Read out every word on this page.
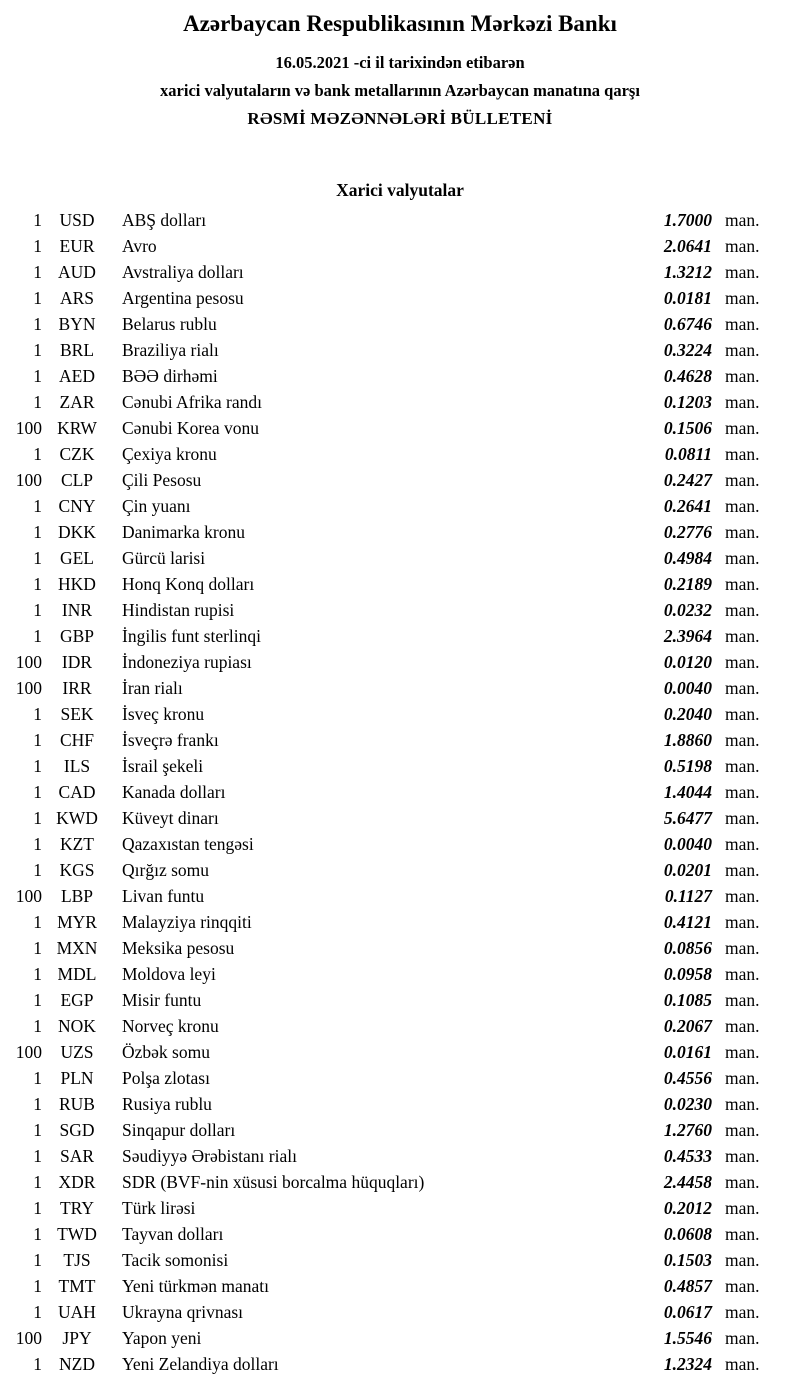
Azərbaycan Respublikasının Mərkəzi Bankı
16.05.2021 -ci il tarixindən etibarən
xarici valyutaların və bank metallarının Azərbaycan manatına qarşı
RƏSMİ MƏZƏNNƏLƏRİ BÜLLETENİ
Xarici valyutalar
1 USD	ABŞ dolları	1.7000 man.
1	EUR	Avro	2.0641 man.
1 AUD	Avstraliya dolları	1.3212 man.
1	ARS	Argentina pesosu	0.0181 man.
1 BYN	Belarus rublu	0.6746 man.
1	BRL	Braziliya rialı	0.3224 man.
1 AED	BƏƏ dirhəmi	0.4628 man.
1	ZAR	Cənubi Afrika randı	0.1203 man.
100 KRW	Cənubi Korea vonu	0.1506 man.
1	CZK	Çexiya kronu	0.0811 man.
100	CLP	Çili Pesosu	0.2427 man.
1 CNY	Çin yuanı	0.2641 man.
1 DKK	Danimarka kronu	0.2776 man.
1	GEL	Gürcü larisi	0.4984 man.
1 HKD	Honq Konq dolları	0.2189 man.
1	INR	Hindistan rupisi	0.0232 man.
1	GBP	İngilis funt sterlinqi	2.3964 man.
100	IDR	İndoneziya rupiası	0.0120 man.
100	IRR	İran rialı	0.0040 man.
1	SEK	İsveç kronu	0.2040 man.
1	CHF	İsveçrə frankı	1.8860 man.
1	ILS	İsrail şekeli	0.5198 man.
1 CAD	Kanada dolları	1.4044 man.
1 KWD	Küveyt dinarı	5.6477 man.
1	KZT	Qazaxıstan tengəsi	0.0040 man.
1 KGS	Qırğız somu	0.0201 man.
100	LBP	Livan funtu	0.1127 man.
1 MYR	Malayziya rinqqiti	0.4121 man.
1 MXN	Meksika pesosu	0.0856 man.
1 MDL	Moldova leyi	0.0958 man.
1	EGP	Misir funtu	0.1085 man.
1 NOK	Norveç kronu	0.2067 man.
100	UZS	Özbək somu	0.0161 man.
1	PLN	Polşa zlotası	0.4556 man.
1 RUB	Rusiya rublu	0.0230 man.
1 SGD	Sinqapur dolları	1.2760 man.
1	SAR	Səudiyyə Ərəbistanı rialı	0.4533 man.
1 XDR	SDR (BVF-nin xüsusi borcalma hüquqları)	2.4458 man.
1	TRY	Türk lirəsi	0.2012 man.
1 TWD	Tayvan dolları	0.0608 man.
1	TJS	Tacik somonisi	0.1503 man.
1 TMT	Yeni türkmən manatı	0.4857 man.
1 UAH	Ukrayna qrivnası	0.0617 man.
100	JPY	Yapon yeni	1.5546 man.
1 NZD	Yeni Zelandiya dolları	1.2324 man.
